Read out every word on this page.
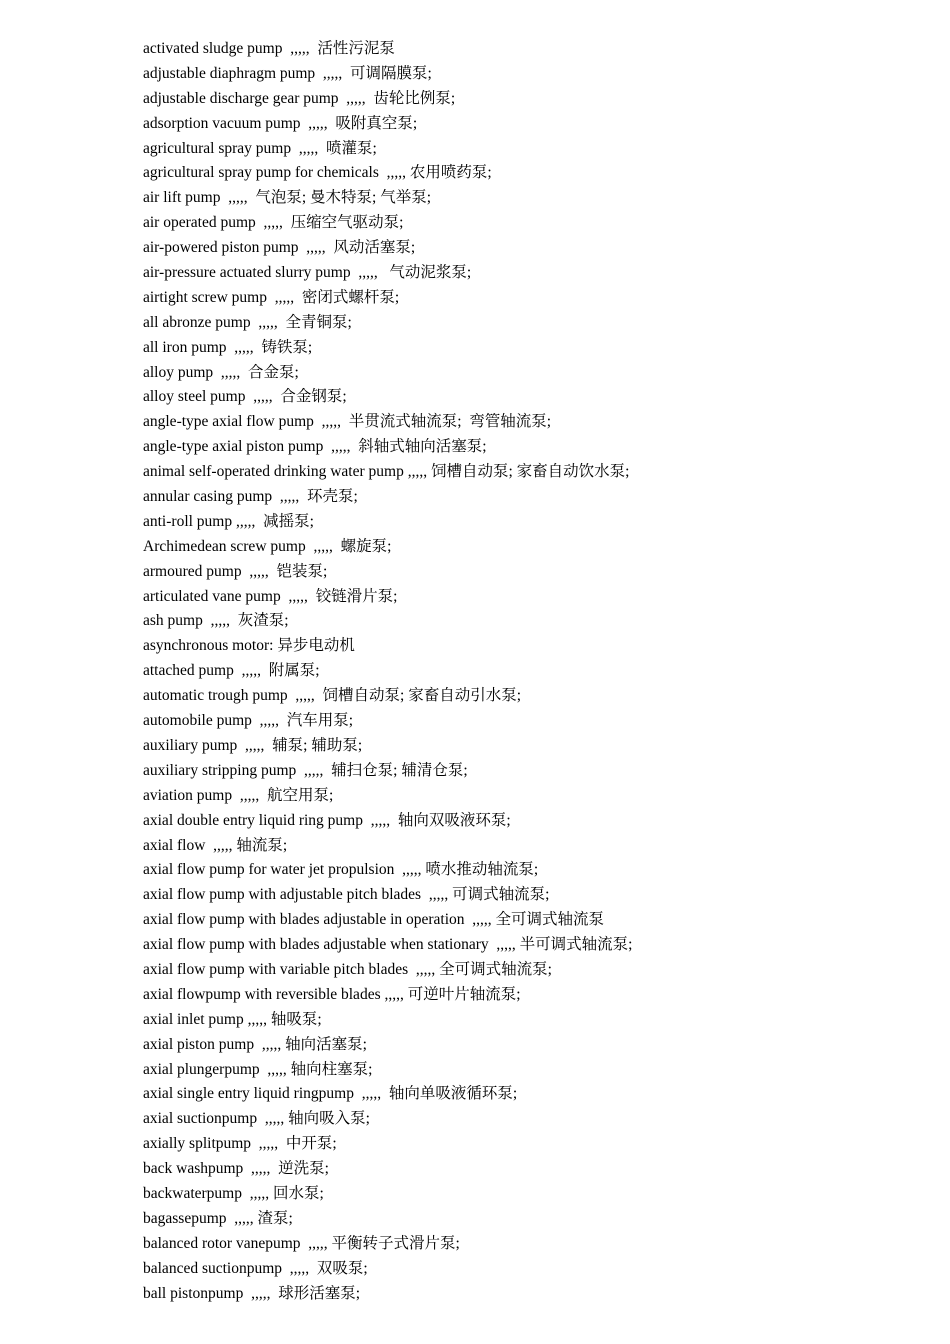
activated sludge pump  ,,,,,  活性污泥泵
adjustable diaphragm pump  ,,,,,  可调隔膜泵;
adjustable discharge gear pump  ,,,,,  齿轮比例泵;
adsorption vacuum pump  ,,,,,  吸附真空泵;
agricultural spray pump  ,,,,,  喷灌泵;
agricultural spray pump for chemicals  ,,,,, 农用喷药泵;
air lift pump  ,,,,,  气泡泵; 曼木特泵; 气举泵;
air operated pump  ,,,,,  压缩空气驱动泵;
air-powered piston pump  ,,,,,  风动活塞泵;
air-pressure actuated slurry pump  ,,,,,   气动泥浆泵;
airtight screw pump  ,,,,,  密闭式螺杆泵;
all abronze pump  ,,,,,  全青铜泵;
all iron pump  ,,,,,  铸铁泵;
alloy pump  ,,,,,  合金泵;
alloy steel pump  ,,,,,  合金钢泵;
angle-type axial flow pump  ,,,,,  半贯流式轴流泵;  弯管轴流泵;
angle-type axial piston pump  ,,,,,  斜轴式轴向活塞泵;
animal self-operated drinking water pump ,,,,, 饲槽自动泵; 家畜自动饮水泵;
annular casing pump  ,,,,,  环壳泵;
anti-roll pump ,,,,,  减摇泵;
Archimedean screw pump  ,,,,,  螺旋泵;
armoured pump  ,,,,,  铠装泵;
articulated vane pump  ,,,,,  铰链滑片泵;
ash pump  ,,,,,  灰渣泵;
asynchronous motor: 异步电动机
attached pump  ,,,,,  附属泵;
automatic trough pump  ,,,,,  饲槽自动泵; 家畜自动引水泵;
automobile pump  ,,,,,  汽车用泵;
auxiliary pump  ,,,,,  辅泵; 辅助泵;
auxiliary stripping pump  ,,,,,  辅扫仓泵; 辅清仓泵;
aviation pump  ,,,,,  航空用泵;
axial double entry liquid ring pump  ,,,,,  轴向双吸液环泵;
axial flow  ,,,,, 轴流泵;
axial flow pump for water jet propulsion  ,,,,, 喷水推动轴流泵;
axial flow pump with adjustable pitch blades  ,,,,, 可调式轴流泵;
axial flow pump with blades adjustable in operation  ,,,,, 全可调式轴流泵
axial flow pump with blades adjustable when stationary  ,,,,, 半可调式轴流泵;
axial flow pump with variable pitch blades  ,,,,, 全可调式轴流泵;
axial flowpump with reversible blades ,,,,, 可逆叶片轴流泵;
axial inlet pump ,,,,, 轴吸泵;
axial piston pump  ,,,,, 轴向活塞泵;
axial plungerpump  ,,,,, 轴向柱塞泵;
axial single entry liquid ringpump  ,,,,,  轴向单吸液循环泵;
axial suctionpump  ,,,,, 轴向吸入泵;
axially splitpump  ,,,,,  中开泵;
back washpump  ,,,,,  逆洗泵;
backwaterpump  ,,,,, 回水泵;
bagassepump  ,,,,, 渣泵;
balanced rotor vanepump  ,,,,, 平衡转子式滑片泵;
balanced suctionpump  ,,,,,  双吸泵;
ball pistonpump  ,,,,,  球形活塞泵;
